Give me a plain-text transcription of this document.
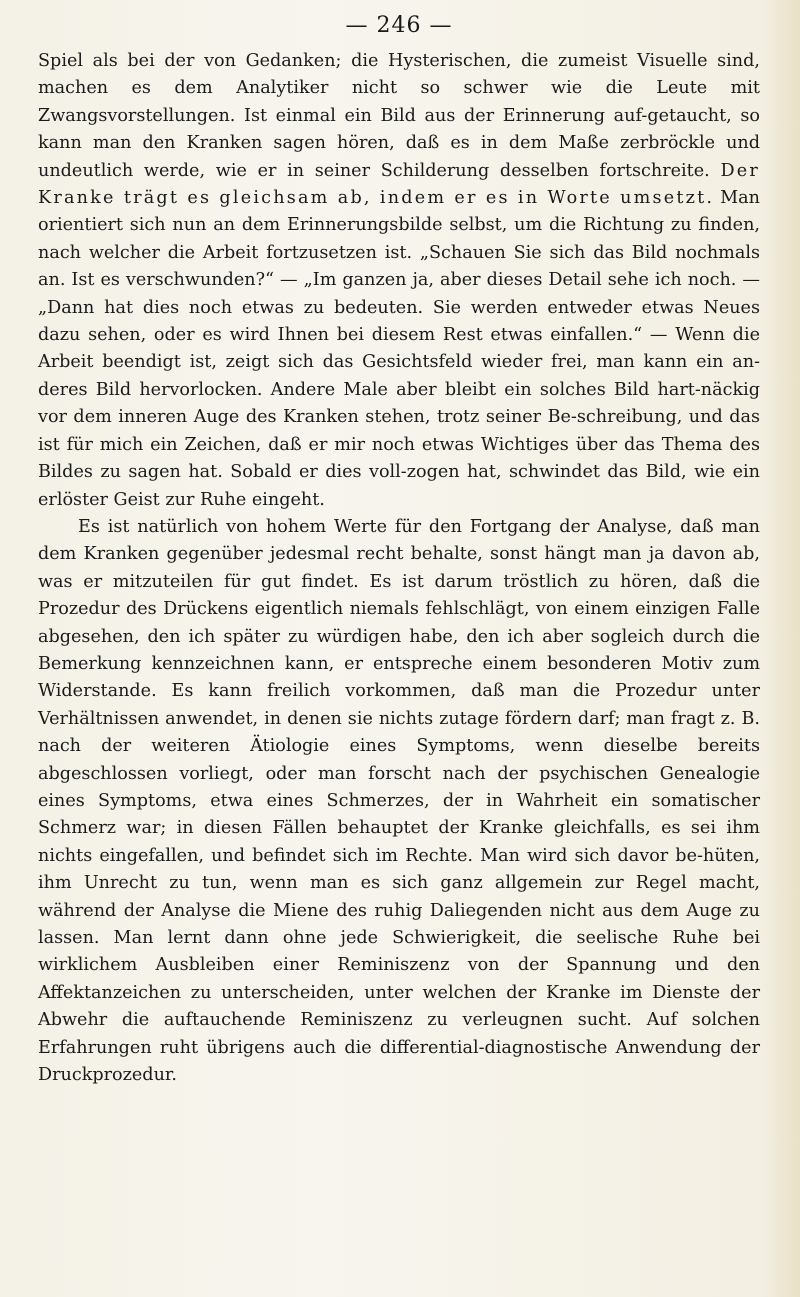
— 246 —

Spiel als bei der von Gedanken; die Hysterischen, die zumeist Visuelle sind, machen es dem Analytiker nicht so schwer wie die Leute mit Zwangsvorstellungen. Ist einmal ein Bild aus der Erinnerung auf-getaucht, so kann man den Kranken sagen hören, daß es in dem Maße zerbröckle und undeutlich werde, wie er in seiner Schilderung desselben fortschreite. Der Kranke trägt es gleichsam ab, indem er es in Worte umsetzt. Man orientiert sich nun an dem Erinnerungsbilde selbst, um die Richtung zu finden, nach welcher die Arbeit fortzusetzen ist. „Schauen Sie sich das Bild nochmals an. Ist es verschwunden?“ — „Im ganzen ja, aber dieses Detail sehe ich noch. — „Dann hat dies noch etwas zu bedeuten. Sie werden entweder etwas Neues dazu sehen, oder es wird Ihnen bei diesem Rest etwas einfallen.“ — Wenn die Arbeit beendigt ist, zeigt sich das Gesichtsfeld wieder frei, man kann ein an-deres Bild hervorlocken. Andere Male aber bleibt ein solches Bild hart-näckig vor dem inneren Auge des Kranken stehen, trotz seiner Be-schreibung, und das ist für mich ein Zeichen, daß er mir noch etwas Wichtiges über das Thema des Bildes zu sagen hat. Sobald er dies voll-zogen hat, schwindet das Bild, wie ein erlöster Geist zur Ruhe eingeht.

Es ist natürlich von hohem Werte für den Fortgang der Analyse, daß man dem Kranken gegenüber jedesmal recht behalte, sonst hängt man ja davon ab, was er mitzuteilen für gut findet. Es ist darum tröstlich zu hören, daß die Prozedur des Drückens eigentlich niemals fehlschlägt, von einem einzigen Falle abgesehen, den ich später zu würdigen habe, den ich aber sogleich durch die Bemerkung kennzeichnen kann, er entspreche einem besonderen Motiv zum Widerstande. Es kann freilich vorkommen, daß man die Prozedur unter Verhältnissen anwendet, in denen sie nichts zutage fördern darf; man fragt z. B. nach der weiteren Ätiologie eines Symptoms, wenn dieselbe bereits abgeschlossen vorliegt, oder man forscht nach der psychischen Genealogie eines Symptoms, etwa eines Schmerzes, der in Wahrheit ein somatischer Schmerz war; in diesen Fällen behauptet der Kranke gleichfalls, es sei ihm nichts eingefallen, und befindet sich im Rechte. Man wird sich davor be-hüten, ihm Unrecht zu tun, wenn man es sich ganz allgemein zur Regel macht, während der Analyse die Miene des ruhig Daliegenden nicht aus dem Auge zu lassen. Man lernt dann ohne jede Schwierigkeit, die seelische Ruhe bei wirklichem Ausbleiben einer Reminiszenz von der Spannung und den Affektanzeichen zu unterscheiden, unter welchen der Kranke im Dienste der Abwehr die auftauchende Reminiszenz zu verleugnen sucht. Auf solchen Erfahrungen ruht übrigens auch die differential-diagnostische Anwendung der Druckprozedur.
